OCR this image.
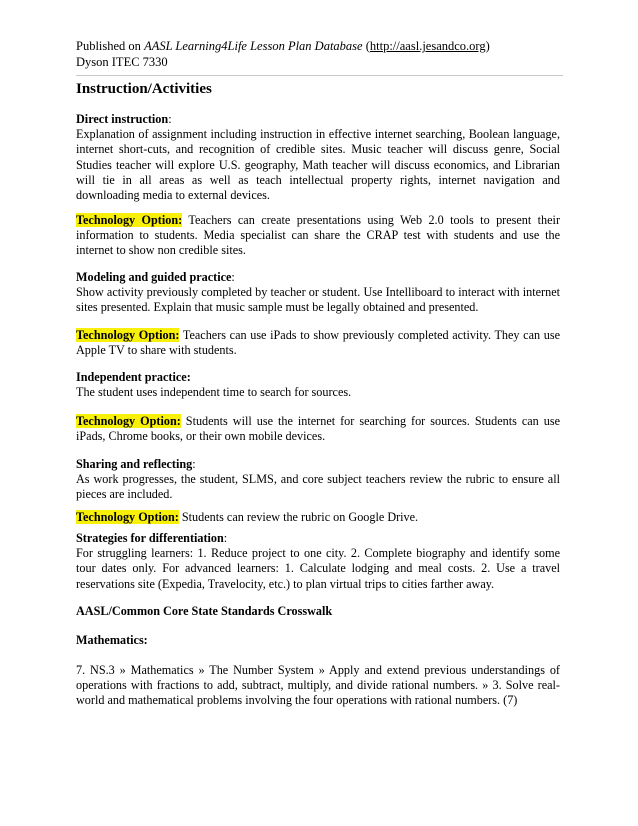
Published on AASL Learning4Life Lesson Plan Database (http://aasl.jesandco.org)
Dyson ITEC 7330
Instruction/Activities
Direct instruction:
Explanation of assignment including instruction in effective internet searching, Boolean language, internet short-cuts, and recognition of credible sites. Music teacher will discuss genre, Social Studies teacher will explore U.S. geography, Math teacher will discuss economics, and Librarian will tie in all areas as well as teach intellectual property rights, internet navigation and downloading media to external devices.
Technology Option: Teachers can create presentations using Web 2.0 tools to present their information to students. Media specialist can share the CRAP test with students and use the internet to show non credible sites.
Modeling and guided practice:
Show activity previously completed by teacher or student. Use Intelliboard to interact with internet sites presented. Explain that music sample must be legally obtained and presented.
Technology Option: Teachers can use iPads to show previously completed activity. They can use Apple TV to share with students.
Independent practice:
The student uses independent time to search for sources.
Technology Option: Students will use the internet for searching for sources. Students can use iPads, Chrome books, or their own mobile devices.
Sharing and reflecting:
As work progresses, the student, SLMS, and core subject teachers review the rubric to ensure all pieces are included.
Technology Option: Students can review the rubric on Google Drive.
Strategies for differentiation:
For struggling learners: 1. Reduce project to one city. 2. Complete biography and identify some tour dates only. For advanced learners: 1. Calculate lodging and meal costs. 2. Use a travel reservations site (Expedia, Travelocity, etc.) to plan virtual trips to cities farther away.
AASL/Common Core State Standards Crosswalk
Mathematics:
7. NS.3 » Mathematics » The Number System » Apply and extend previous understandings of operations with fractions to add, subtract, multiply, and divide rational numbers. » 3. Solve real-world and mathematical problems involving the four operations with rational numbers. (7)
